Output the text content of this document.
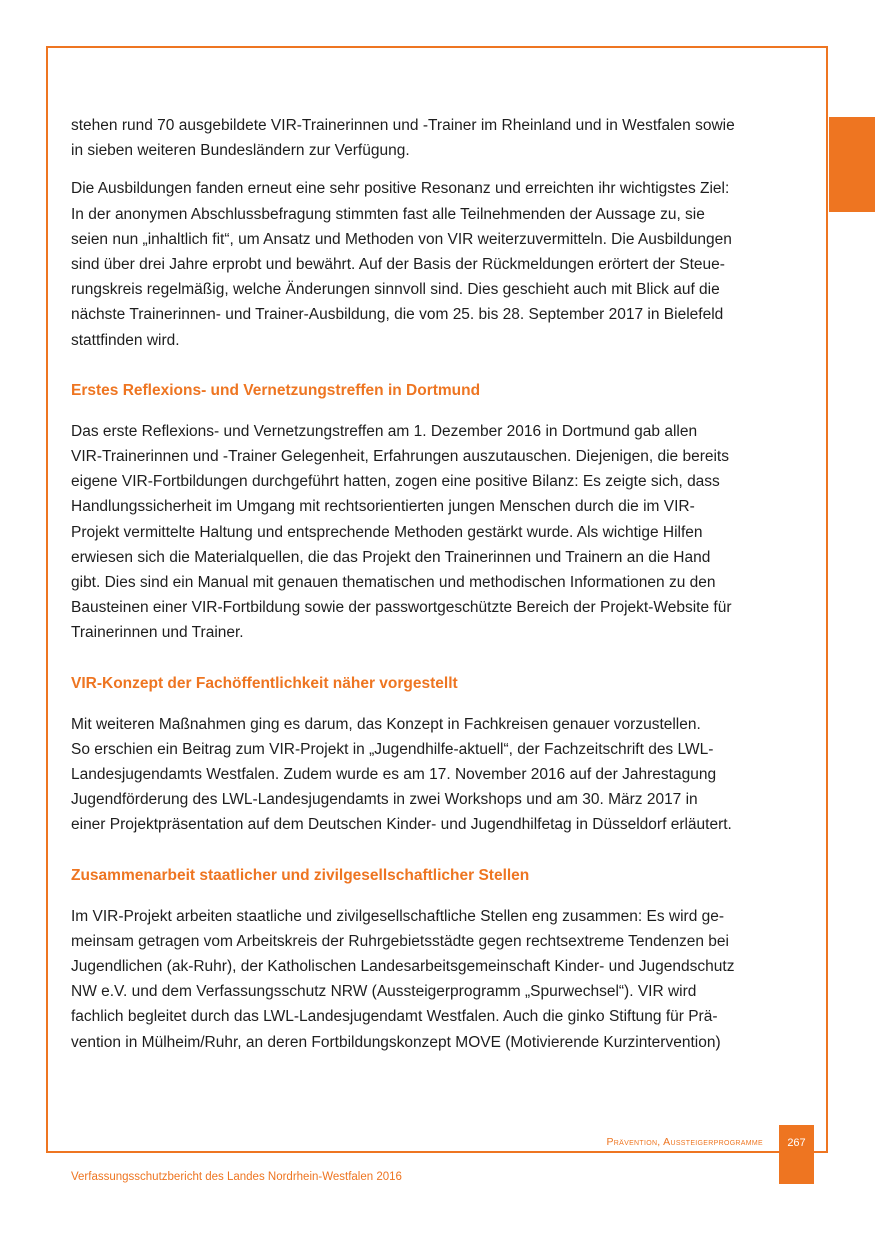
stehen rund 70 ausgebildete VIR-Trainerinnen und -Trainer im Rheinland und in Westfalen sowie
in sieben weiteren Bundesländern zur Verfügung.

Die Ausbildungen fanden erneut eine sehr positive Resonanz und erreichten ihr wichtigstes Ziel:
In der anonymen Abschlussbefragung stimmten fast alle Teilnehmenden der Aussage zu, sie
seien nun „inhaltlich fit“, um Ansatz und Methoden von VIR weiterzuvermitteln. Die Ausbildungen
sind über drei Jahre erprobt und bewährt. Auf der Basis der Rückmeldungen erörtert der Steue-
rungskreis regelmäßig, welche Änderungen sinnvoll sind. Dies geschieht auch mit Blick auf die
nächste Trainerinnen- und Trainer-Ausbildung, die vom 25. bis 28. September 2017 in Bielefeld
stattfinden wird.

Erstes Reflexions- und Vernetzungstreffen in Dortmund

Das erste Reflexions- und Vernetzungstreffen am 1. Dezember 2016 in Dortmund gab allen
VIR-Trainerinnen und -Trainer Gelegenheit, Erfahrungen auszutauschen. Diejenigen, die bereits
eigene VIR-Fortbildungen durchgeführt hatten, zogen eine positive Bilanz: Es zeigte sich, dass
Handlungssicherheit im Umgang mit rechtsorientierten jungen Menschen durch die im VIR-
Projekt vermittelte Haltung und entsprechende Methoden gestärkt wurde. Als wichtige Hilfen
erwiesen sich die Materialquellen, die das Projekt den Trainerinnen und Trainern an die Hand
gibt. Dies sind ein Manual mit genauen thematischen und methodischen Informationen zu den
Bausteinen einer VIR-Fortbildung sowie der passwortgeschützte Bereich der Projekt-Website für
Trainerinnen und Trainer.

VIR-Konzept der Fachöffentlichkeit näher vorgestellt

Mit weiteren Maßnahmen ging es darum, das Konzept in Fachkreisen genauer vorzustellen.
So erschien ein Beitrag zum VIR-Projekt in „Jugendhilfe-aktuell“, der Fachzeitschrift des LWL-
Landesjugendamts Westfalen. Zudem wurde es am 17. November 2016 auf der Jahrestagung
Jugendförderung des LWL-Landesjugendamts in zwei Workshops und am 30. März 2017 in
einer Projektpräsentation auf dem Deutschen Kinder- und Jugendhilfetag in Düsseldorf erläutert.

Zusammenarbeit staatlicher und zivilgesellschaftlicher Stellen

Im VIR-Projekt arbeiten staatliche und zivilgesellschaftliche Stellen eng zusammen: Es wird ge-
meinsam getragen vom Arbeitskreis der Ruhrgebietsstädte gegen rechtsextreme Tendenzen bei
Jugendlichen (ak-Ruhr), der Katholischen Landesarbeitsgemeinschaft Kinder- und Jugendschutz
NW e.V. und dem Verfassungsschutz NRW (Aussteigerprogramm „Spurwechsel“). VIR wird
fachlich begleitet durch das LWL-Landesjugendamt Westfalen. Auch die ginko Stiftung für Prä-
vention in Mülheim/Ruhr, an deren Fortbildungskonzept MOVE (Motivierende Kurzintervention)

Prävention, Aussteigerprogramme	267
Verfassungsschutzbericht des Landes Nordrhein-Westfalen 2016
